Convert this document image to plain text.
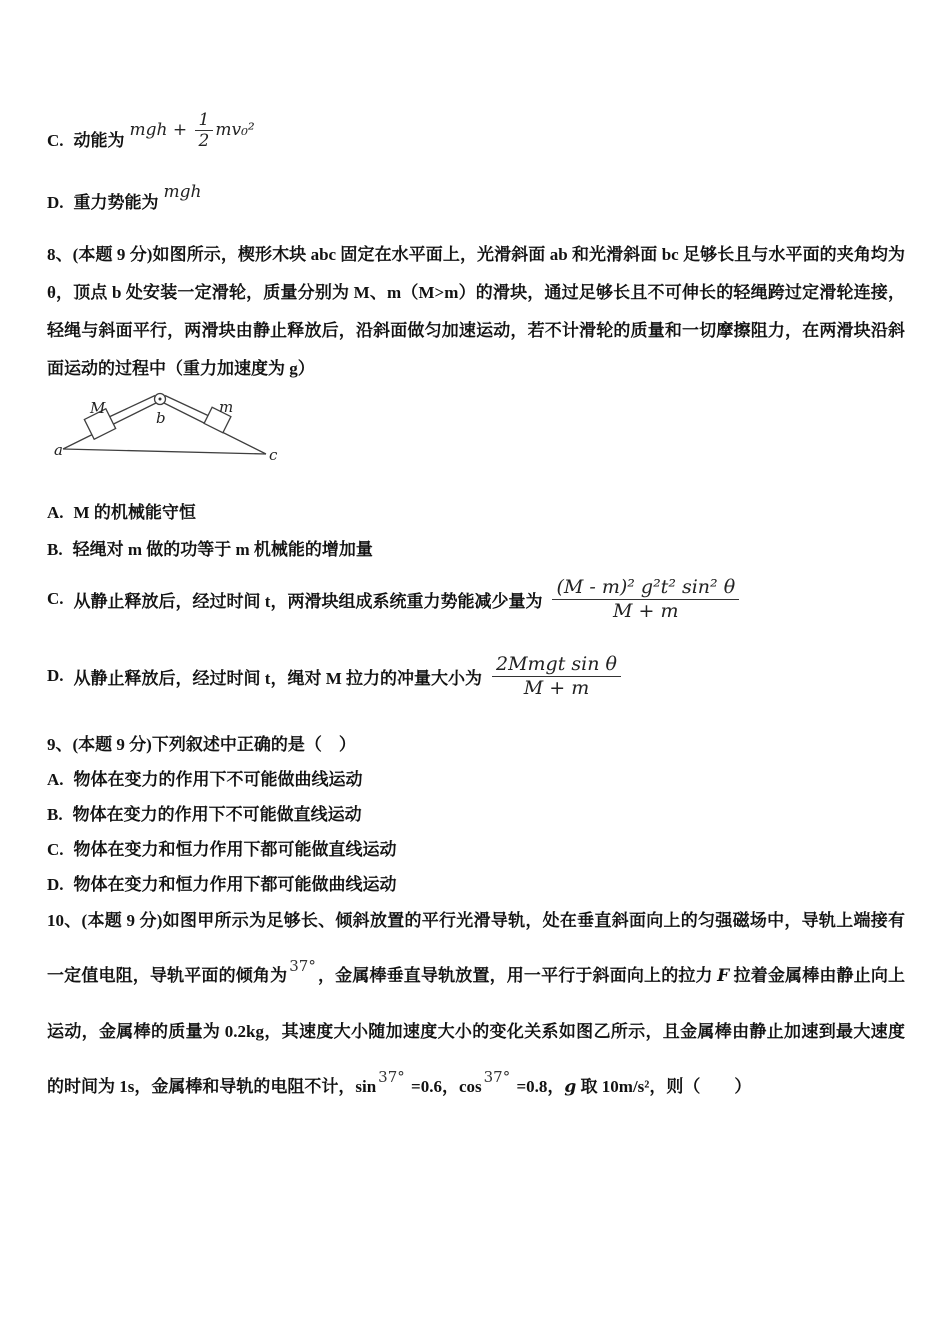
C. 动能为mgh + $\frac{1}{2} mv_0^2$
D. 重力势能为mgh
8、(本题 9 分)如图所示，楔形木块 abc 固定在水平面上，光滑斜面 ab 和光滑斜面 bc 足够长且与水平面的夹角均为 θ，顶点 b 处安装一定滑轮，质量分别为 M、m（M>m）的滑块，通过足够长且不可伸长的轻绳跨过定滑轮连接，轻绳与斜面平行，两滑块由静止释放后，沿斜面做匀加速运动，若不计滑轮的质量和一切摩擦阻力，在两滑块沿斜面运动的过程中（重力加速度为 g）
M	m
a
b
c
A. M 的机械能守恒
B. 轻绳对 m 做的功等于 m 机械能的增加量
C. 从静止释放后，经过时间 t，两滑块组成系统重力势能减少量为 $\frac{\text{(M - m)² g²t² sin² θ}}{M + m}$
D. 从静止释放后，经过时间 t，绳对 M 拉力的冲量大小为 $\frac{\text{2Mmgt sin θ}}{M + m}$
9、(本题 9 分)下列叙述中正确的是（　）
A. 物体在变力的作用下不可能做曲线运动
B. 物体在变力的作用下不可能做直线运动
C. 物体在变力和恒力作用下都可能做直线运动
D. 物体在变力和恒力作用下都可能做曲线运动
10、(本题 9 分)如图甲所示为足够长、倾斜放置的平行光滑导轨，处在垂直斜面向上的匀强磁场中，导轨上端接有一定值电阻，导轨平面的倾角为 37° ，金属棒垂直导轨放置，用一平行于斜面向上的拉力 F 拉着金属棒由静止向上运动，金属棒的质量为 0.2kg，其速度大小随加速度大小的变化关系如图乙所示，且金属棒由静止加速到最大速度的时间为 1s，金属棒和导轨的电阻不计，sin 37° =0.6，cos 37° =0.8，g 取 10m/s²，则（　　）
